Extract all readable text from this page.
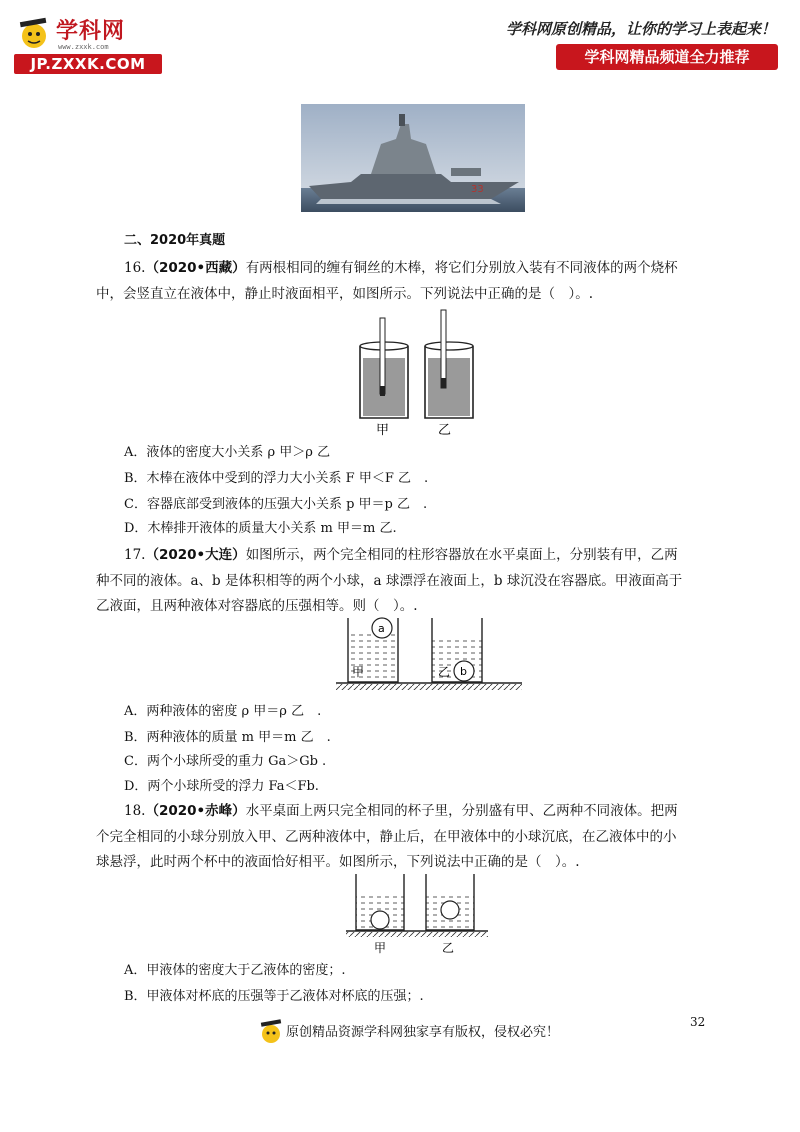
学科网
www.zxxk.com
JP.ZXXK.COM
学科网原创精品，让你的学习上表起来！
学科网精品频道全力推荐
33
二、2020年真题
16.（2020•西藏）有两根相同的缠有铜丝的木棒，将它们分别放入装有不同液体的两个烧杯
中，会竖直立在液体中，静止时液面相平，如图所示。下列说法中正确的是（　）。.
甲	乙
A．液体的密度大小关系 ρ 甲＞ρ 乙
B．木棒在液体中受到的浮力大小关系 F 甲＜F 乙　.
C．容器底部受到液体的压强大小关系 p 甲＝p 乙　.
D．木棒排开液体的质量大小关系 m 甲＝m 乙.
17.（2020•大连）如图所示，两个完全相同的柱形容器放在水平桌面上，分别装有甲，乙两
种不同的液体。a、b 是体积相等的两个小球，a 球漂浮在液面上，b 球沉没在容器底。甲液面高于
乙液面，且两种液体对容器底的压强相等。则（　）。.
a
b
甲	乙
A．两种液体的密度 ρ 甲＝ρ 乙　.
B．两种液体的质量 m 甲＝m 乙　.
C．两个小球所受的重力 Ga＞Gb .
D．两个小球所受的浮力 Fa＜Fb.
18.（2020•赤峰）水平桌面上两只完全相同的杯子里，分别盛有甲、乙两种不同液体。把两
个完全相同的小球分别放入甲、乙两种液体中，静止后，在甲液体中的小球沉底，在乙液体中的小
球悬浮，此时两个杯中的液面恰好相平。如图所示，下列说法中正确的是（　）。.
甲	乙
A．甲液体的密度大于乙液体的密度；.
B．甲液体对杯底的压强等于乙液体对杯底的压强；.
32
原创精品资源学科网独家享有版权，侵权必究！
